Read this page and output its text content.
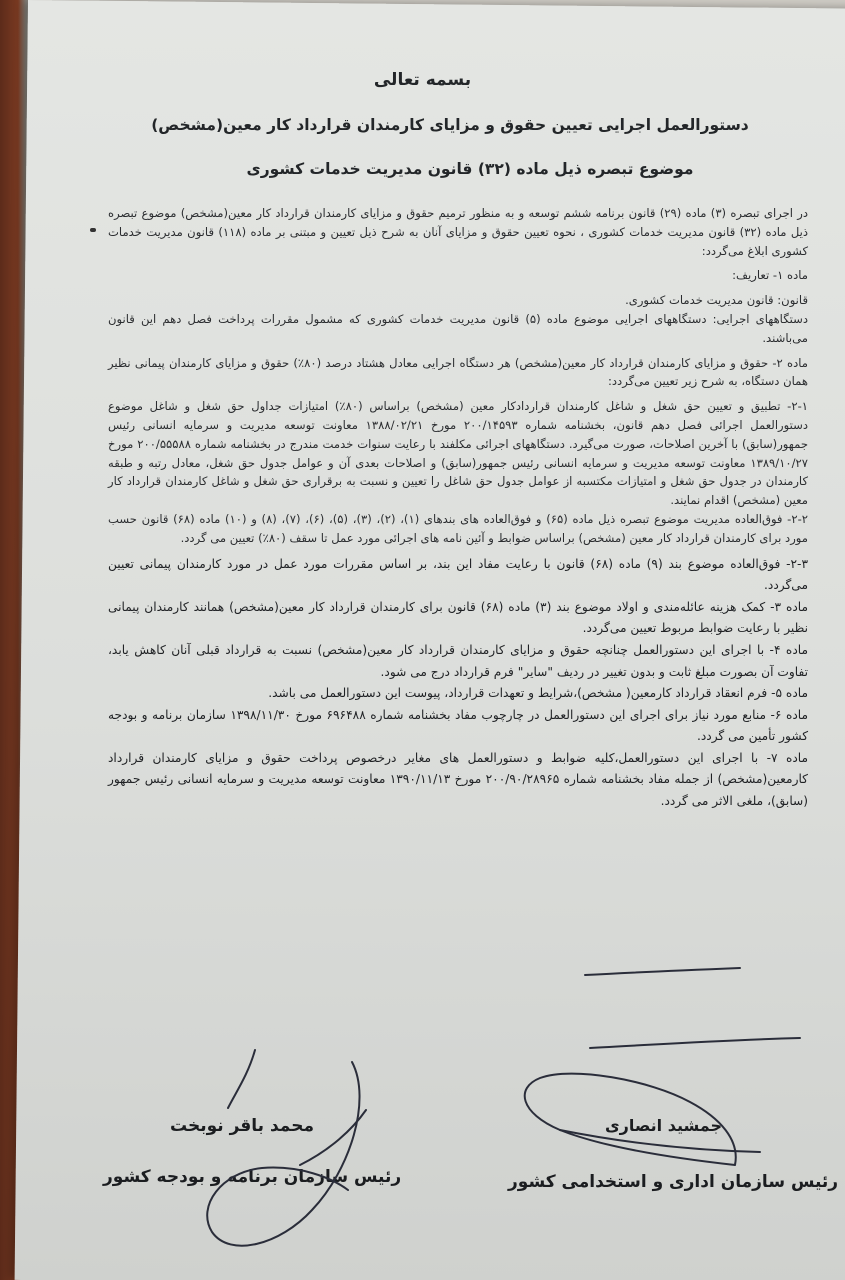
بسمه تعالی
دستورالعمل اجرایی تعیین حقوق و مزایای کارمندان قرارداد کار معین(مشخص)
موضوع تبصره ذیل ماده (۳۲) قانون مدیریت خدمات کشوری

در اجرای تبصره (۳) ماده (۲۹) قانون برنامه ششم توسعه و به منظور ترمیم حقوق و مزایای کارمندان قرارداد کار معین(مشخص) موضوع تبصره ذیل ماده (۳۲) قانون مدیریت خدمات کشوری ، نحوه تعیین حقوق و مزایای آنان به شرح ذیل تعیین و مبتنی بر ماده (۱۱۸) قانون مدیریت خدمات کشوری ابلاغ می‌گردد:

ماده ۱- تعاریف:

قانون: قانون مدیریت خدمات کشوری.

دستگاههای اجرایی: دستگاههای اجرایی موضوع ماده (۵) قانون مدیریت خدمات کشوری که مشمول مقررات پرداخت فصل دهم این قانون می‌باشند.

ماده ۲- حقوق و مزایای کارمندان قرارداد کار معین(مشخص) هر دستگاه اجرایی معادل هشتاد درصد (۸۰٪) حقوق و مزایای کارمندان پیمانی نظیر همان دستگاه، به شرح زیر تعیین می‌گردد:

۲-۱- تطبیق و تعیین حق شغل و شاغل کارمندان قراردادکار معین (مشخص) براساس (۸۰٪) امتیازات جداول حق شغل و شاغل موضوع دستورالعمل اجرائی فصل دهم قانون، بخشنامه شماره ۲۰۰/۱۴۵۹۳ مورخ ۱۳۸۸/۰۲/۲۱ معاونت توسعه مدیریت و سرمایه انسانی رئیس جمهور(سابق) با آخرین اصلاحات، صورت می‌گیرد. دستگاههای اجرائی مکلفند با رعایت سنوات خدمت مندرج در بخشنامه شماره ۲۰۰/۵۵۵۸۸ مورخ ۱۳۸۹/۱۰/۲۷ معاونت توسعه مدیریت و سرمایه انسانی رئیس جمهور(سابق) و اصلاحات بعدی آن و عوامل جدول حق شغل، معادل رتبه و طبقه کارمندان در جدول حق شغل و امتیازات مکتسبه از عوامل جدول حق شاغل را تعیین و نسبت به برقراری حق شغل و شاغل کارمندان قرارداد کار معین (مشخص) اقدام نمایند.

۲-۲- فوق‌العاده مدیریت موضوع تبصره ذیل ماده (۶۵) و فوق‌العاده های بندهای (۱)، (۲)، (۳)، (۵)، (۶)، (۷)، (۸) و (۱۰) ماده (۶۸) قانون حسب مورد برای کارمندان قرارداد کار معین (مشخص) براساس ضوابط و آئین نامه های اجرائی مورد عمل تا سقف (۸۰٪) تعیین می گردد.

۲-۳- فوق‌العاده موضوع بند (۹) ماده (۶۸) قانون با رعایت مفاد این بند، بر اساس مقررات مورد عمل در مورد کارمندان پیمانی تعیین می‌گردد.

ماده ۳- کمک هزینه عائله‌مندی و اولاد موضوع بند (۳) ماده (۶۸) قانون برای کارمندان قرارداد کار معین(مشخص) همانند کارمندان پیمانی نظیر با رعایت ضوابط مربوط تعیین می‌گردد.

ماده ۴- با اجرای این دستورالعمل چنانچه حقوق و مزایای کارمندان قرارداد کار معین(مشخص) نسبت به قرارداد قبلی آنان کاهش یابد، تفاوت آن بصورت مبلغ ثابت و بدون تغییر در ردیف "سایر" فرم قرارداد درج می شود.

ماده ۵- فرم انعقاد قرارداد کارمعین( مشخص)،شرایط و تعهدات قرارداد، پیوست این دستورالعمل می باشد.

ماده ۶- منابع مورد نیاز برای اجرای این دستورالعمل در چارچوب مفاد بخشنامه شماره ۶۹۶۴۸۸ مورخ ۱۳۹۸/۱۱/۳۰ سازمان برنامه و بودجه کشور تأمین می گردد.

ماده ۷- با اجرای این دستورالعمل،کلیه ضوابط و دستورالعمل های مغایر درخصوص پرداخت حقوق و مزایای کارمندان قرارداد کارمعین(مشخص) از جمله مفاد بخشنامه شماره ۲۰۰/۹۰/۲۸۹۶۵ مورخ ۱۳۹۰/۱۱/۱۳ معاونت توسعه مدیریت و سرمایه انسانی رئیس جمهور (سابق)، ملغی الاثر می گردد.

محمد باقر نوبخت
رئیس سازمان برنامه و بودجه کشور
جمشید انصاری
رئیس سازمان اداری و استخدامی کشور
